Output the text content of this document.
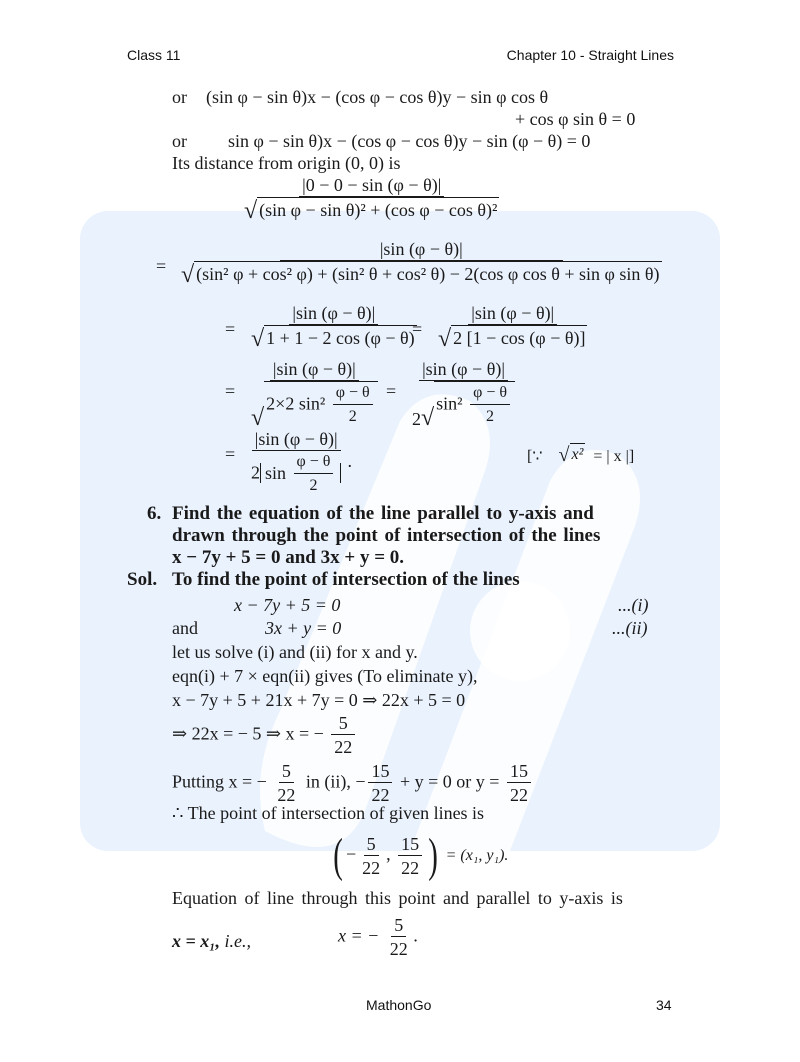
Class 11	Chapter 10 - Straight Lines
or (sin φ − sin θ)x − (cos φ − cos θ)y − sin φ cos θ
+ cos φ sin θ = 0
or sin φ − sin θ)x − (cos φ − cos θ)y − sin (φ − θ) = 0
Its distance from origin (0, 0) is
$\frac{|0 - 0 - \sin (\varphi - \theta)|}{\text{√ (sin φ − sin θ)² + (cos φ − cos θ)²}}$
=
|sin (φ − θ)|
√ (sin² φ + cos² φ) + (sin² θ + cos² θ) − 2(cos φ cos θ + sin φ sin θ)
= $\frac{|\sin (\varphi - \theta)|}{√ 1 + 1 - 2 \cos (\varphi - \theta)}$
= $\frac{|\sin (\varphi - \theta)|}{√ 2 [1 - \cos (\varphi - \theta)]}$
= |sin (φ − θ)|
√
2×2 $\sin^2 \frac{\varphi - \theta}{2} = |\sin$ (φ − θ)|
2 √
$\sin^2 \frac{\varphi - \theta}{2}$
= $\frac{|\sin (\varphi - \theta)|}{2 \sin \frac{\varphi - \theta}{2}}$ .	[∵ √ x² = | x |]
6. Find the equation of the line parallel to y-axis and
drawn through the point of intersection of the lines
x − 7y + 5 = 0 and 3x + y = 0.
Sol. To find the point of intersection of the lines
x − 7y + 5 = 0	...(i)
and	3x + y = 0	...(ii)
let us solve (i) and (ii) for x and y.
eqn(i) + 7 × eqn(ii) gives (To eliminate y),
x − 7y + 5 + 21x + 7y = 0 ⇒ 22x + 5 = 0
⇒ 22x = − 5 ⇒ x = − $\frac{5}{22}$
Putting x = − $\frac{5}{22}$ in (ii), − $\frac{15}{22} + y = 0$ or $y = \frac{15}{22}$
∴ The point of intersection of given lines is
( − $\frac{5}{22}$ , $\frac{15}{22}$ ) = (x₁, y₁).
Equation of line through this point and parallel to y-axis is
x = x₁, i.e.,	x = − $\frac{5}{22}$ .
MathonGo	34
